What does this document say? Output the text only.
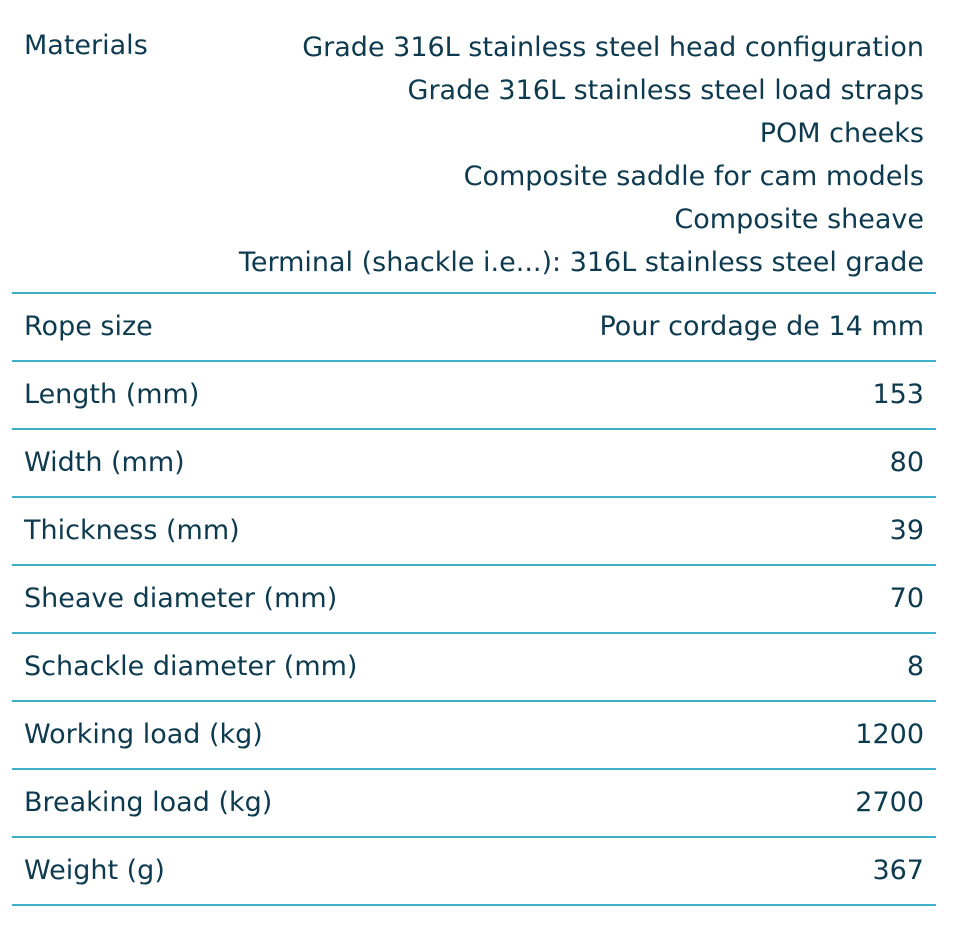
Materials	Grade 316L stainless steel head configuration
Grade 316L stainless steel load straps
POM cheeks
Composite saddle for cam models
Composite sheave
Terminal (shackle i.e...): 316L stainless steel grade
Rope size	Pour cordage de 14 mm
Length (mm)	153
Width (mm)	80
Thickness (mm)	39
Sheave diameter (mm)	70
Schackle diameter (mm)	8
Working load (kg)	1200
Breaking load (kg)	2700
Weight (g)	367
